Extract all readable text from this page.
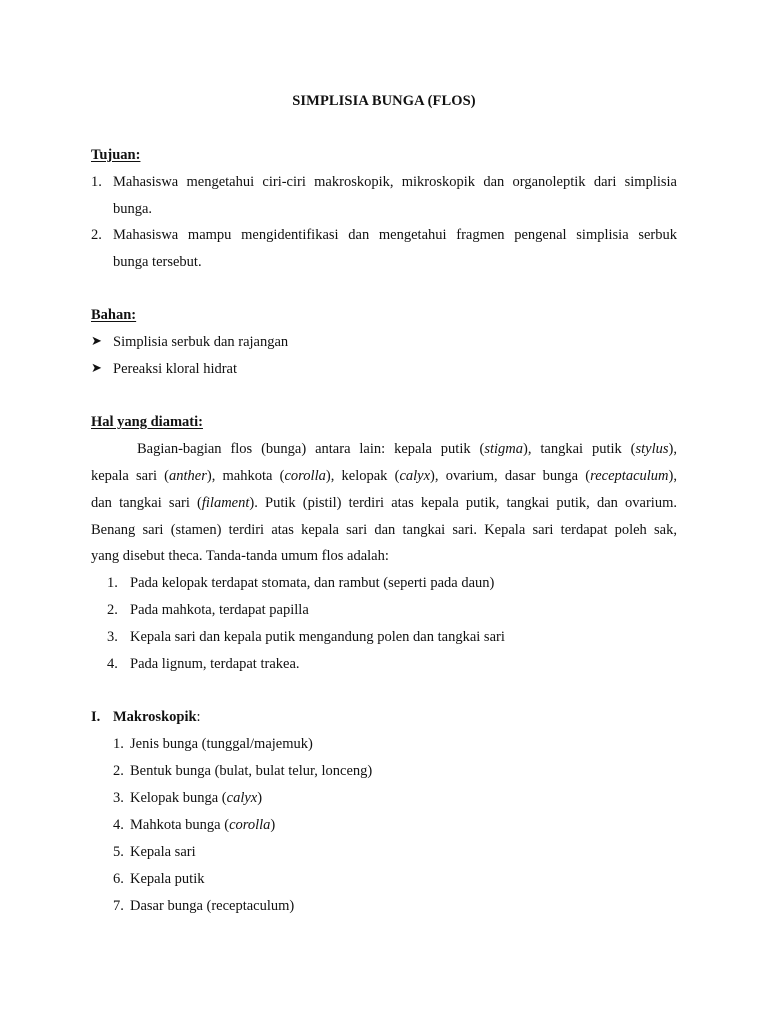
SIMPLISIA BUNGA (FLOS)
Tujuan:
1. Mahasiswa mengetahui ciri-ciri makroskopik, mikroskopik dan organoleptik dari simplisia
bunga.
2. Mahasiswa mampu mengidentifikasi dan mengetahui fragmen pengenal simplisia serbuk
bunga tersebut.
Bahan:
➤ Simplisia serbuk dan rajangan
➤ Pereaksi kloral hidrat
Hal yang diamati:
Bagian-bagian flos (bunga) antara lain: kepala putik (stigma), tangkai putik (stylus),
kepala sari (anther), mahkota (corolla), kelopak (calyx), ovarium, dasar bunga (receptaculum),
dan tangkai sari (filament). Putik (pistil) terdiri atas kepala putik, tangkai putik, dan ovarium.
Benang sari (stamen) terdiri atas kepala sari dan tangkai sari. Kepala sari terdapat poleh sak,
yang disebut theca. Tanda-tanda umum flos adalah:
1. Pada kelopak terdapat stomata, dan rambut (seperti pada daun)
2. Pada mahkota, terdapat papilla
3. Kepala sari dan kepala putik mengandung polen dan tangkai sari
4. Pada lignum, terdapat trakea.
I. Makroskopik:
1. Jenis bunga (tunggal/majemuk)
2. Bentuk bunga (bulat, bulat telur, lonceng)
3. Kelopak bunga (calyx)
4. Mahkota bunga (corolla)
5. Kepala sari
6. Kepala putik
7. Dasar bunga (receptaculum)
